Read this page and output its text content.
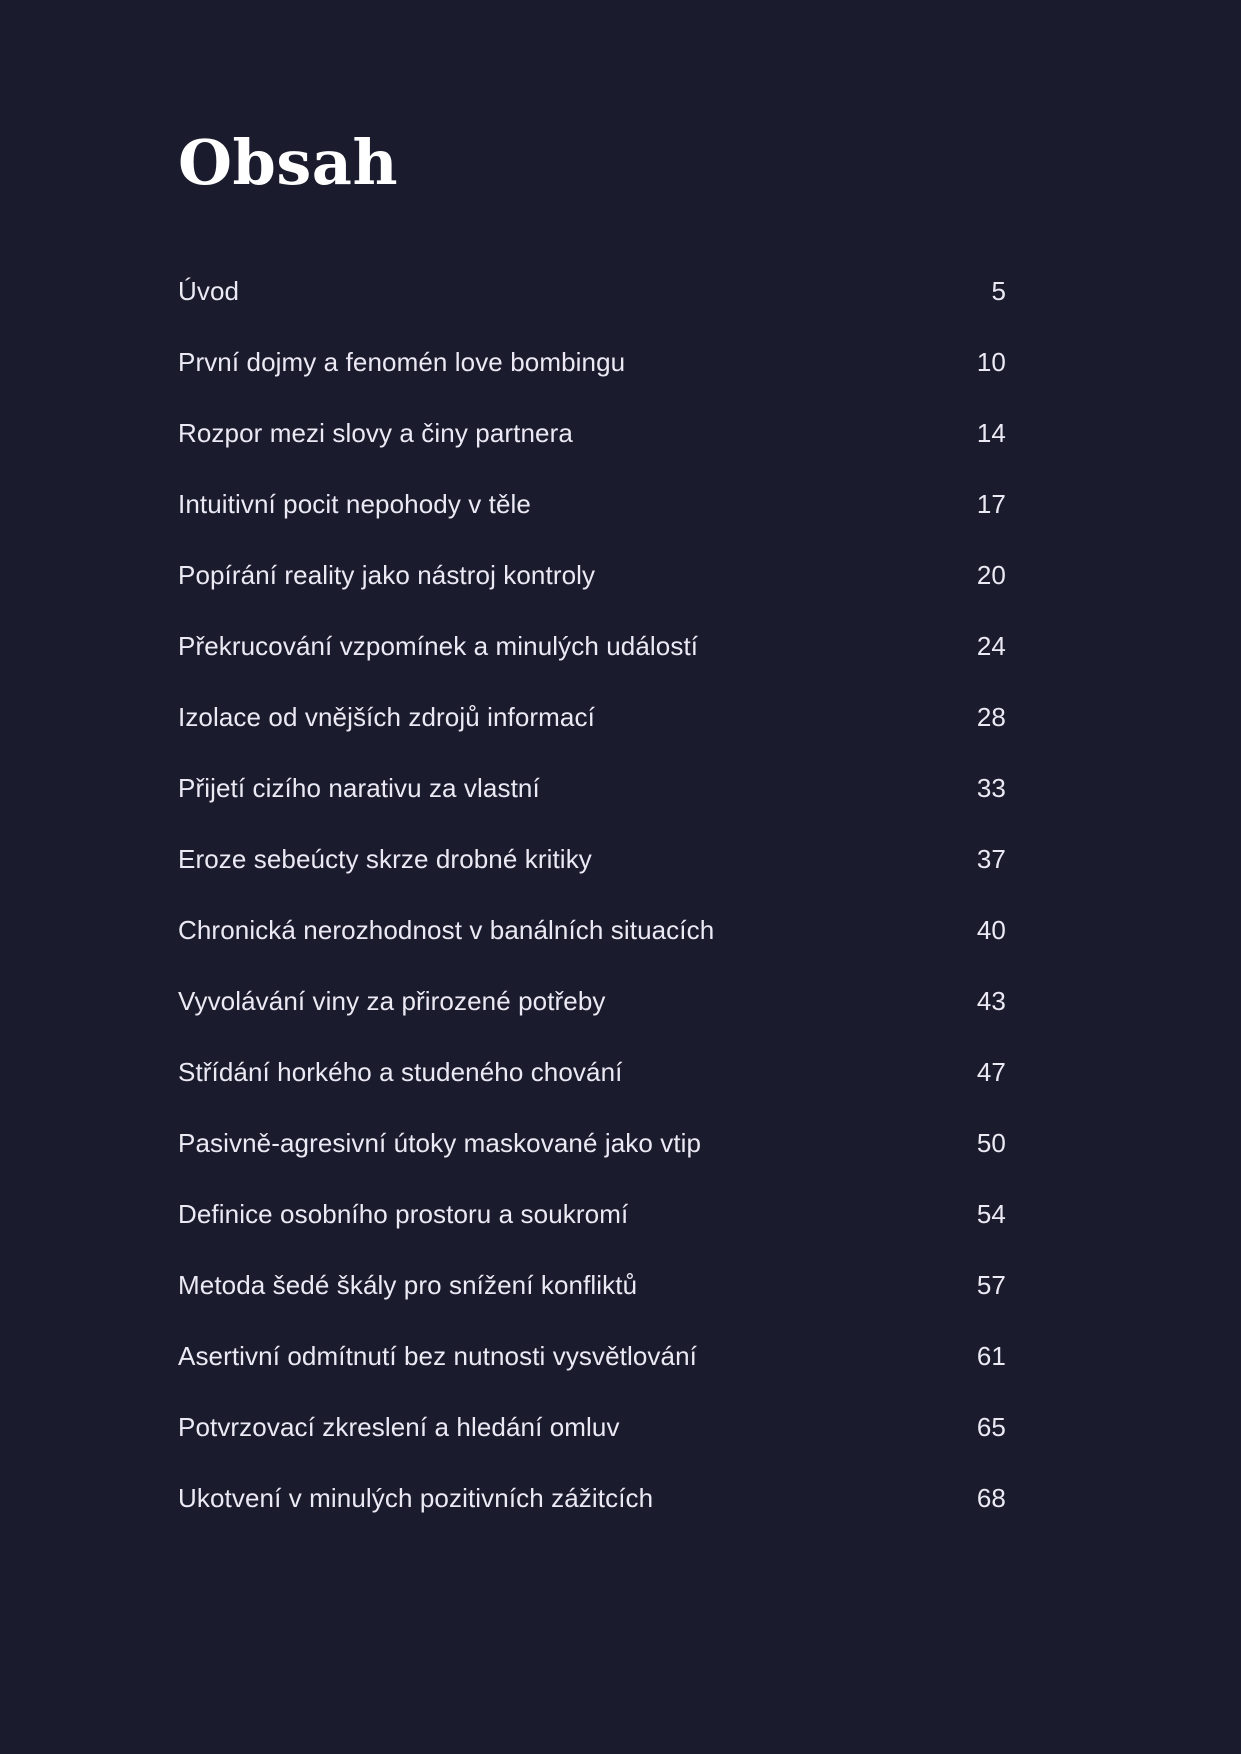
Obsah
Úvod	5
První dojmy a fenomén love bombingu	10
Rozpor mezi slovy a činy partnera	14
Intuitivní pocit nepohody v těle	17
Popírání reality jako nástroj kontroly	20
Překrucování vzpomínek a minulých událostí	24
Izolace od vnějších zdrojů informací	28
Přijetí cizího narativu za vlastní	33
Eroze sebeúcty skrze drobné kritiky	37
Chronická nerozhodnost v banálních situacích	40
Vyvolávání viny za přirozené potřeby	43
Střídání horkého a studeného chování	47
Pasivně-agresivní útoky maskované jako vtip	50
Definice osobního prostoru a soukromí	54
Metoda šedé škály pro snížení konfliktů	57
Asertivní odmítnutí bez nutnosti vysvětlování	61
Potvrzovací zkreslení a hledání omluv	65
Ukotvení v minulých pozitivních zážitcích	68
